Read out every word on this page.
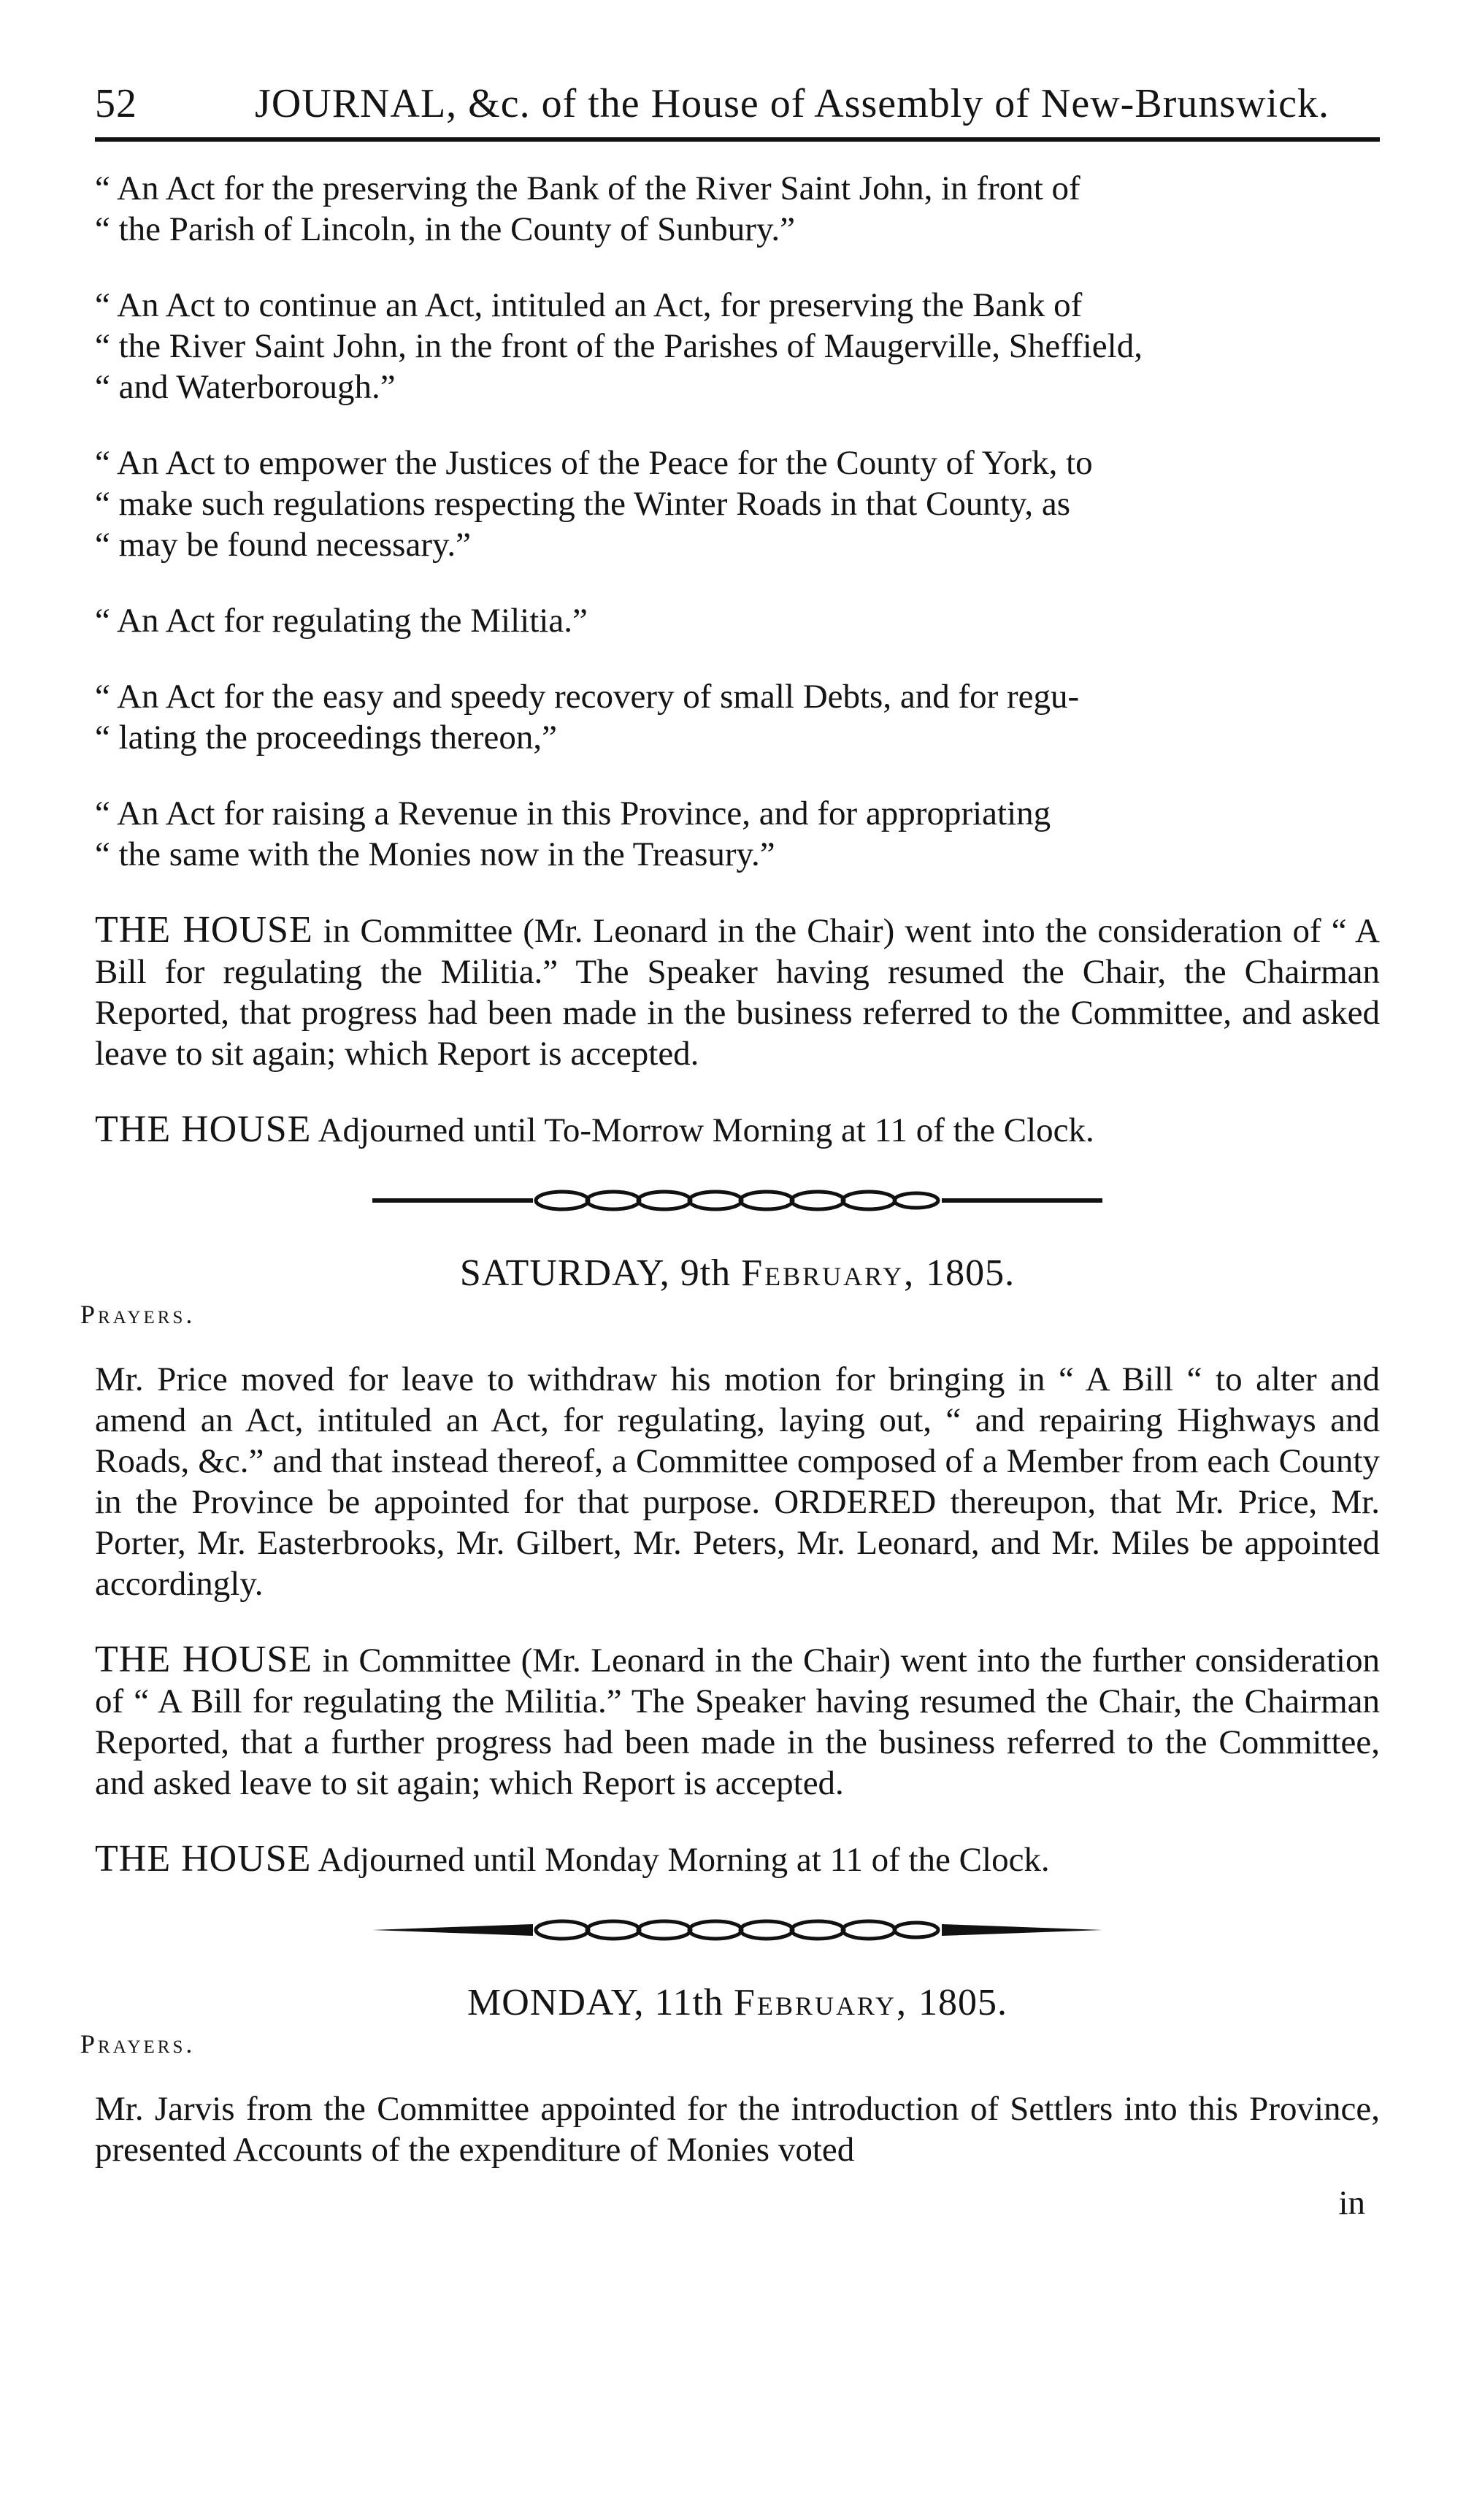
52	JOURNAL, &c. of the House of Assembly of New-Brunswick.

“ An Act for the preserving the Bank of the River Saint John, in front of
“ the Parish of Lincoln, in the County of Sunbury.”

“ An Act to continue an Act, intituled an Act, for preserving the Bank of
“ the River Saint John, in the front of the Parishes of Maugerville, Sheffield,
“ and Waterborough.”

“ An Act to empower the Justices of the Peace for the County of York, to
“ make such regulations respecting the Winter Roads in that County, as
“ may be found necessary.”

“ An Act for regulating the Militia.”

“ An Act for the easy and speedy recovery of small Debts, and for regu-
“ lating the proceedings thereon,”

“ An Act for raising a Revenue in this Province, and for appropriating
“ the same with the Monies now in the Treasury.”

THE HOUSE in Committee (Mr. Leonard in the Chair) went into the consideration of “ A Bill for regulating the Militia.” The Speaker having resumed the Chair, the Chairman Reported, that progress had been made in the business referred to the Committee, and asked leave to sit again; which Report is accepted.

THE HOUSE Adjourned until To-Morrow Morning at 11 of the Clock.

SATURDAY, 9th February, 1805.
Prayers.

Mr. Price moved for leave to withdraw his motion for bringing in “ A Bill “ to alter and amend an Act, intituled an Act, for regulating, laying out, “ and repairing Highways and Roads, &c.” and that instead thereof, a Committee composed of a Member from each County in the Province be appointed for that purpose. ORDERED thereupon, that Mr. Price, Mr. Porter, Mr. Easterbrooks, Mr. Gilbert, Mr. Peters, Mr. Leonard, and Mr. Miles be appointed accordingly.

THE HOUSE in Committee (Mr. Leonard in the Chair) went into the further consideration of “ A Bill for regulating the Militia.” The Speaker having resumed the Chair, the Chairman Reported, that a further progress had been made in the business referred to the Committee, and asked leave to sit again; which Report is accepted.

THE HOUSE Adjourned until Monday Morning at 11 of the Clock.

MONDAY, 11th February, 1805.
Prayers.

Mr. Jarvis from the Committee appointed for the introduction of Settlers into this Province, presented Accounts of the expenditure of Monies voted

in
